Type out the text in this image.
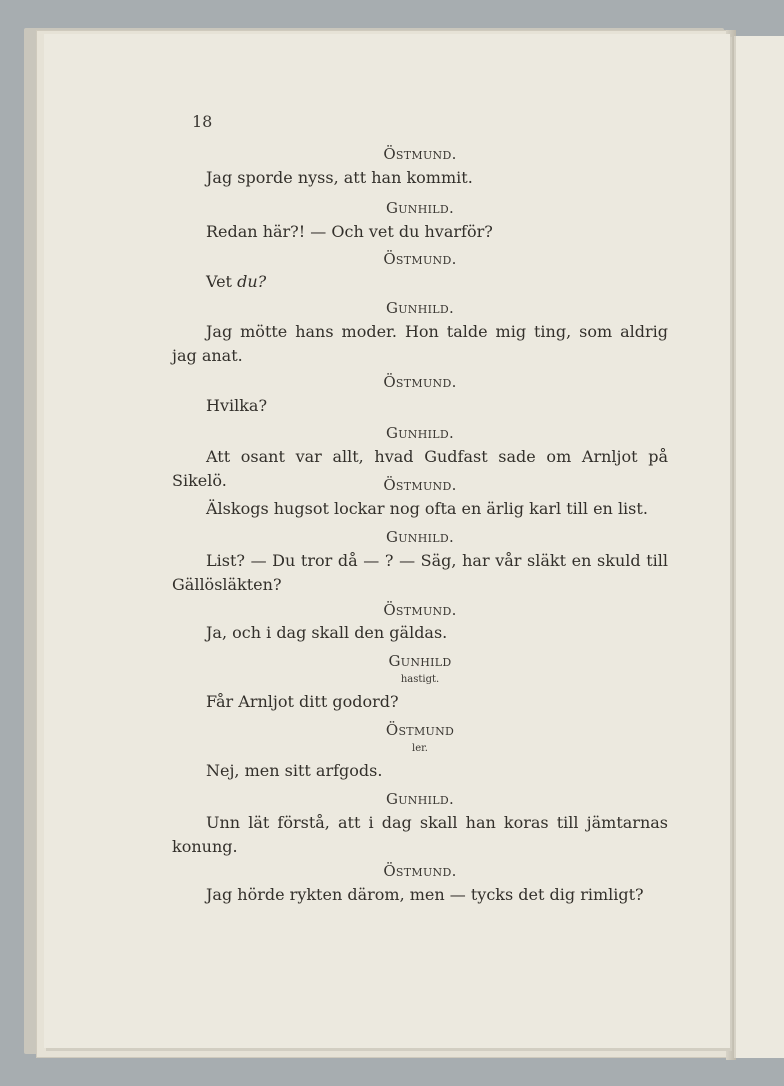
18
Östmund.
Jag sporde nyss, att han kommit.
Gunhild.
Redan här?! — Och vet du hvarför?
Östmund.
Vet du?
Gunhild.
Jag mötte hans moder. Hon talde mig ting, som aldrig jag anat.
Östmund.
Hvilka?
Gunhild.
Att osant var allt, hvad Gudfast sade om Arnljot på Sikelö.	Östmund.
Älskogs hugsot lockar nog ofta en ärlig karl till en list.
Gunhild.
List? — Du tror då — ? — Säg, har vår släkt en skuld till Gällösläkten?
Östmund.
Ja, och i dag skall den gäldas.
Gunhild
hastigt.
Får Arnljot ditt godord?
Östmund
ler.
Nej, men sitt arfgods.
Gunhild.
Unn lät förstå, att i dag skall han koras till jämtarnas konung.
Östmund.
Jag hörde rykten därom, men — tycks det dig rimligt?
